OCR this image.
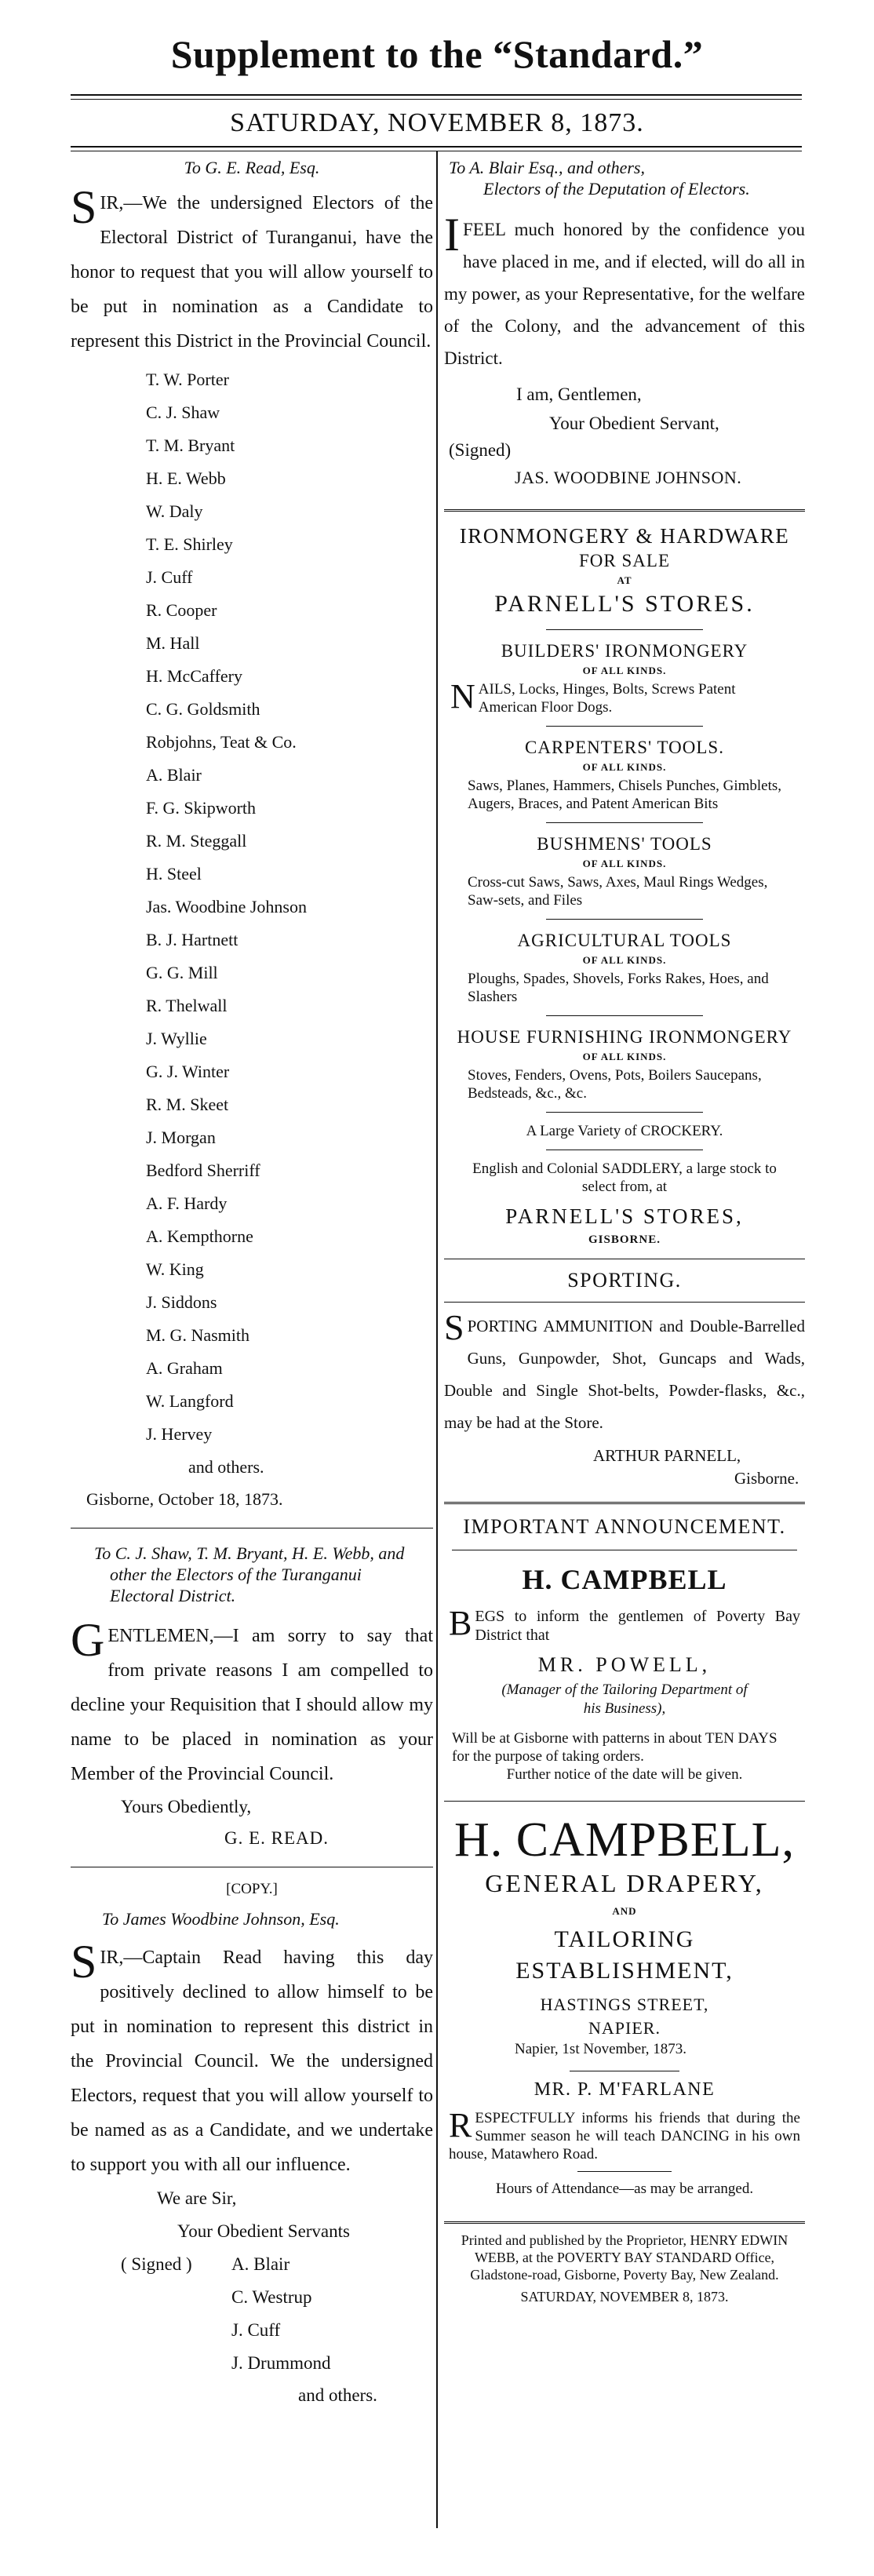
Supplement to the “Standard.”
SATURDAY, NOVEMBER 8, 1873.
To G. E. Read, Esq.
SIR,—We the undersigned Electors of the Electoral District of Turanganui, have the honor to request that you will allow yourself to be put in nomination as a Candidate to represent this District in the Provincial Council.
T. W. Porter
C. J. Shaw
T. M. Bryant
H. E. Webb
W. Daly
T. E. Shirley
J. Cuff
R. Cooper
M. Hall
H. McCaffery
C. G. Goldsmith
Robjohns, Teat & Co.
A. Blair
F. G. Skipworth
R. M. Steggall
H. Steel
Jas. Woodbine Johnson
B. J. Hartnett
G. G. Mill
R. Thelwall
J. Wyllie
G. J. Winter
R. M. Skeet
J. Morgan
Bedford Sherriff
A. F. Hardy
A. Kempthorne
W. King
J. Siddons
M. G. Nasmith
A. Graham
W. Langford
J. Hervey
and others.
Gisborne, October 18, 1873.
To C. J. Shaw, T. M. Bryant, H. E. Webb, and other the Electors of the Turanganui Electoral District.
GENTLEMEN,—I am sorry to say that from private reasons I am compelled to decline your Requisition that I should allow my name to be placed in nomination as your Member of the Provincial Council.
Yours Obediently,
G. E. READ.
[COPY.]
To James Woodbine Johnson, Esq.
SIR,—Captain Read having this day positively declined to allow himself to be put in nomination to represent this district in the Provincial Council. We the undersigned Electors, request that you will allow yourself to be named as as a Candidate, and we undertake to support you with all our influence.
We are Sir,
Your Obedient Servants
( Signed ) A. Blair
C. Westrup
J. Cuff
J. Drummond
and others.
To A. Blair Esq., and others,
Electors of the Deputation of Electors.
IFEEL much honored by the confidence you have placed in me, and if elected, will do all in my power, as your Representative, for the welfare of the Colony, and the advancement of this District.
I am, Gentlemen,
Your Obedient Servant,
(Signed)
JAS. WOODBINE JOHNSON.
IRONMONGERY & HARDWARE
FOR SALE
AT
PARNELL'S STORES.
BUILDERS' IRONMONGERY
OF ALL KINDS.
NAILS, Locks, Hinges, Bolts, Screws Patent American Floor Dogs.
CARPENTERS' TOOLS.
OF ALL KINDS.
Saws, Planes, Hammers, Chisels Punches, Gimblets, Augers, Braces, and Patent American Bits
BUSHMENS' TOOLS
OF ALL KINDS.
Cross-cut Saws, Saws, Axes, Maul Rings Wedges, Saw-sets, and Files
AGRICULTURAL TOOLS
OF ALL KINDS.
Ploughs, Spades, Shovels, Forks Rakes, Hoes, and Slashers
HOUSE FURNISHING IRONMONGERY
OF ALL KINDS.
Stoves, Fenders, Ovens, Pots, Boilers Saucepans, Bedsteads, &c., &c.
A Large Variety of CROCKERY.
English and Colonial SADDLERY, a large stock to select from, at
PARNELL'S STORES,
GISBORNE.
SPORTING.
SPORTING AMMUNITION and Double-Barrelled Guns, Gunpowder, Shot, Guncaps and Wads, Double and Single Shot-belts, Powder-flasks, &c., may be had at the Store.
ARTHUR PARNELL,
Gisborne.
IMPORTANT ANNOUNCEMENT.
H. CAMPBELL
BEGS to inform the gentlemen of Poverty Bay District that
MR. POWELL,
(Manager of the Tailoring Department of his Business),
Will be at Gisborne with patterns in about TEN DAYS for the purpose of taking orders.
Further notice of the date will be given.
H. CAMPBELL,
GENERAL DRAPERY,
AND
TAILORING ESTABLISHMENT,
HASTINGS STREET,
NAPIER.
Napier, 1st November, 1873.
MR. P. M'FARLANE
RESPECTFULLY informs his friends that during the Summer season he will teach DANCING in his own house, Matawhero Road.
Hours of Attendance—as may be arranged.
Printed and published by the Proprietor, HENRY EDWIN WEBB, at the POVERTY BAY STANDARD Office, Gladstone-road, Gisborne, Poverty Bay, New Zealand.
SATURDAY, NOVEMBER 8, 1873.
